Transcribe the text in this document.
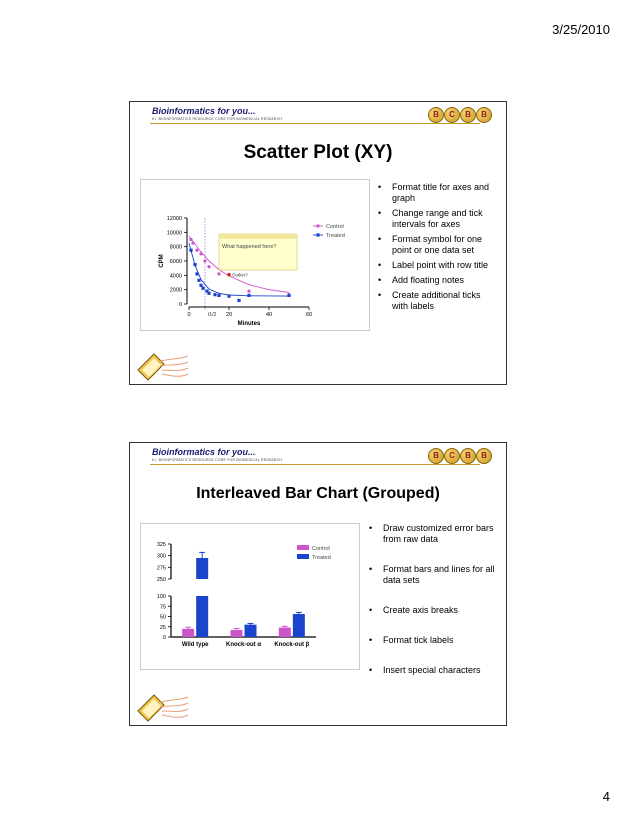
3/25/2010
Bioinformatics for you...
b.i. BIOINFORMATICS RESOURCE CORE FOR BIOMEDICAL RESEARCH	B	C	B	B
Scatter Plot (XY)
0
2000
4000
6000
8000
10000
12000
0	20	40	60
Minutes
CPM
t1/2
What happened here?
Outlier?
Control
Treated
• Format title for axes and graph
• Change range and tick intervals for axes
• Format symbol for one point or one data set
• Label point with row title
• Add floating notes
• Create additional ticks with labels
Bioinformatics for you...
b.i. BIOINFORMATICS RESOURCE CORE FOR BIOMEDICAL RESEARCH	B	C	B	B
Interleaved Bar Chart (Grouped)
250
275
300
325
0
25
50
75
100
Wild type	Knock-out α Knock-out β
Control
Treated
• Draw customized error bars from raw data
• Format bars and lines for all data sets
• Create axis breaks
• Format tick labels
• Insert special characters
4
